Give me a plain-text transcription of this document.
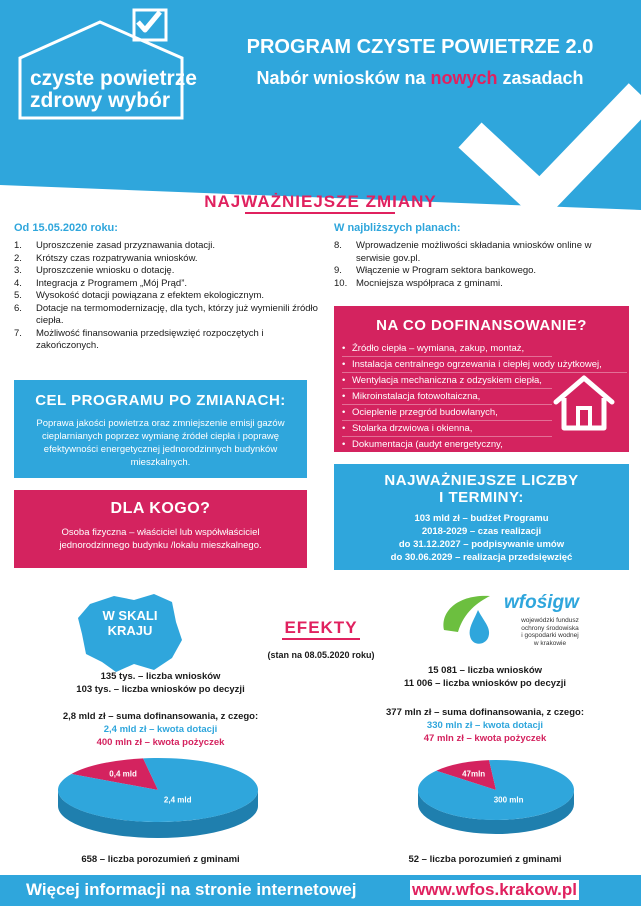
czyste powietrze
zdrowy wybór
PROGRAM CZYSTE POWIETRZE 2.0
Nabór wniosków na nowych zasadach
NAJWAŻNIEJSZE ZMIANY
Od 15.05.2020 roku:
1. Uproszczenie zasad przyznawania dotacji.
2. Krótszy czas rozpatrywania wniosków.
3. Uproszczenie wniosku o dotację.
4. Integracja z Programem „Mój Prąd”.
5. Wysokość dotacji powiązana z efektem ekologicznym.
6. Dotacje na termomodernizację, dla tych, którzy już wymienili źródło ciepła.
7. Możliwość finansowania przedsięwzięć rozpoczętych i zakończonych.
W najbliższych planach:
8. Wprowadzenie możliwości składania wniosków online w serwisie gov.pl.
9. Włączenie w Program sektora bankowego.
10. Mocniejsza współpraca z gminami.
NA CO DOFINANSOWANIE?
• Źródło ciepła – wymiana, zakup, montaż,
• Instalacja centralnego ogrzewania i ciepłej wody użytkowej,
• Wentylacja mechaniczna z odzyskiem ciepła,
• Mikroinstalacja fotowoltaiczna,
• Ocieplenie przegród budowlanych,
• Stolarka drzwiowa i okienna,
• Dokumentacja (audyt energetyczny, dokumentacja projektowa).
CEL PROGRAMU PO ZMIANACH:
Poprawa jakości powietrza oraz zmniejszenie emisji gazów cieplarnianych poprzez wymianę źródeł ciepła i poprawę efektywności energetycznej jednorodzinnych budynków mieszkalnych.
DLA KOGO?
Osoba fizyczna – właściciel lub współwłaściciel jednorodzinnego budynku /lokalu mieszkalnego.
NAJWAŻNIEJSZE LICZBY
I TERMINY:
103 mld zł – budżet Programu
2018-2029 – czas realizacji
do 31.12.2027 – podpisywanie umów
do 30.06.2029 – realizacja przedsięwzięć
W SKALI
KRAJU	EFEKTY
(stan na 08.05.2020 roku)
wfośigw
wojewódzki fundusz
ochrony środowiska
i gospodarki wodnej
w krakowie
135 tys. – liczba wniosków
103 tys. – liczba wniosków po decyzji
2,8 mld zł – suma dofinansowania, z czego:
2,4 mld zł – kwota dotacji
400 mln zł – kwota pożyczek
15 081 – liczba wniosków
11 006 – liczba wniosków po decyzji
377 mln zł – suma dofinansowania, z czego:
330 mln zł – kwota dotacji
47 mln zł – kwota pożyczek
0,4 mld
2,4 mld
47mln
300 mln
658 – liczba porozumień z gminami	52 – liczba porozumień z gminami
Więcej informacji na stronie internetowej	www.wfos.krakow.pl
